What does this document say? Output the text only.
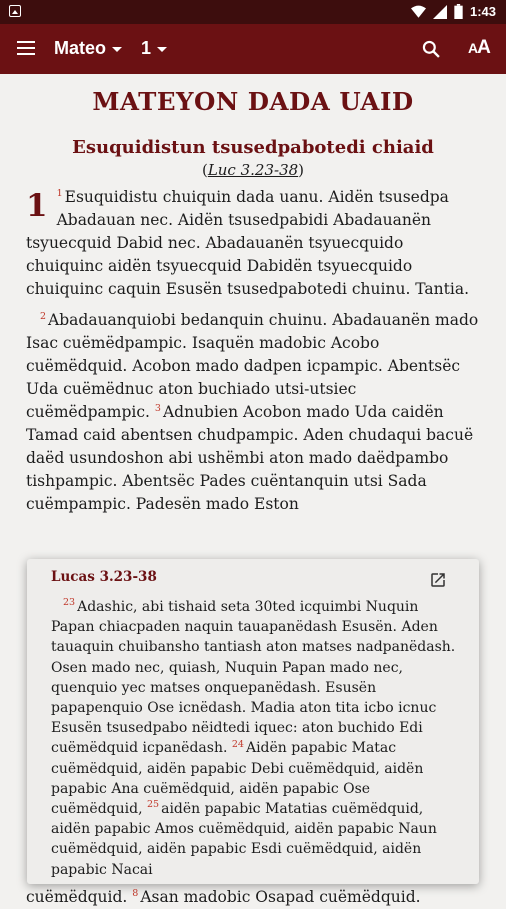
1:43
Mateo	1	AA
MATEYON DADA UAID
Esuquidistun tsusedpabotedi chiaid
(Luc 3.23-38)
1 $^1$ Esuquidistu chuiquin dada uanu. Aidën tsusedpa Abadauan nec. Aidën tsusedpabidi Abadauanën tsyuecquid Dabid nec. Abadauanën tsyuecquido chuiquinc aidën tsyuecquid Dabidën tsyuecquido chuiquinc caquin Esusën tsusedpabotedi chuinu. Tantia.
$^2$ Abadauanquiobi bedanquin chuinu. Abadauanën mado Isac cuëmëdpampic. Isaquën madobic Acobo cuëmëdquid. Acobon mado dadpen icpampic. Abentsëc Uda cuëmëdnuc aton buchiado utsi-utsiec cuëmëdpampic. $^3$ Adnubien Acobon mado Uda caidën Tamad caid abentsen chudpampic. Aden chudaqui bacuë daëd usundoshon abi ushëmbi aton mado daëdpambo tishpampic. Abentsëc Pades cuëntanquin utsi Sada cuëmpampic. Padesën mado Eston
Lucas 3.23-38
$^{23}$ Adashic, abi tishaid seta 30ted icquimbi Nuquin Papan chiacpaden naquin tauapanëdash Esusën. Aden tauaquin chuibansho tantiash aton matses nadpanëdash. Osen mado nec, quiash, Nuquin Papan mado nec, quenquio yec matses onquepanëdash. Esusën papapenquio Ose icnëdash. Madia aton tita icbo icnuc Esusën tsusedpabo nëidtedi iquec: aton buchido Edi cuëmëdquid icpanëdash. $^{24}$ Aidën papabic Matac cuëmëdquid, aidën papabic Debi cuëmëdquid, aidën papabic Ana cuëmëdquid, aidën papabic Ose cuëmëdquid, $^{25}$ aidën papabic Matatias cuëmëdquid, aidën papabic Amos cuëmëdquid, aidën papabic Naun cuëmëdquid, aidën papabic Esdi cuëmëdquid, aidën papabic Nacai
cuëmëdquid. $^8$ Asan madobic Osapad cuëmëdquid.
